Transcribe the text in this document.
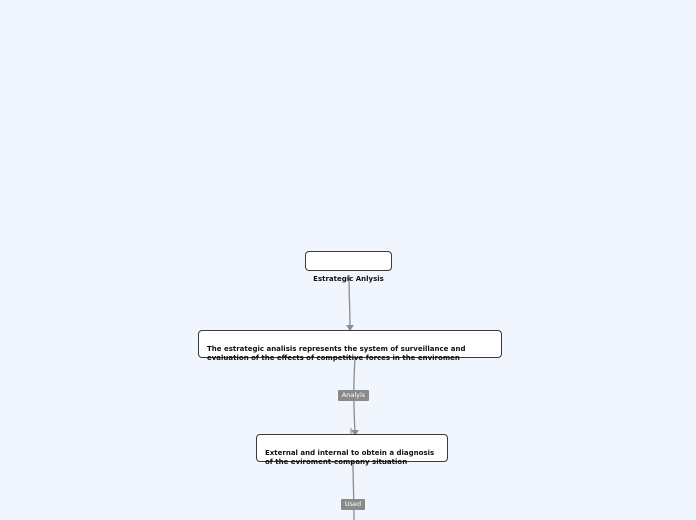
Estrategic Anlysis

The estrategic analisis represents the system of surveillance and
evaluation of the effects of competitive forces in the enviromen

Analyis

External and internal to obtein a diagnosis
of the eviroment-company situation

Used
